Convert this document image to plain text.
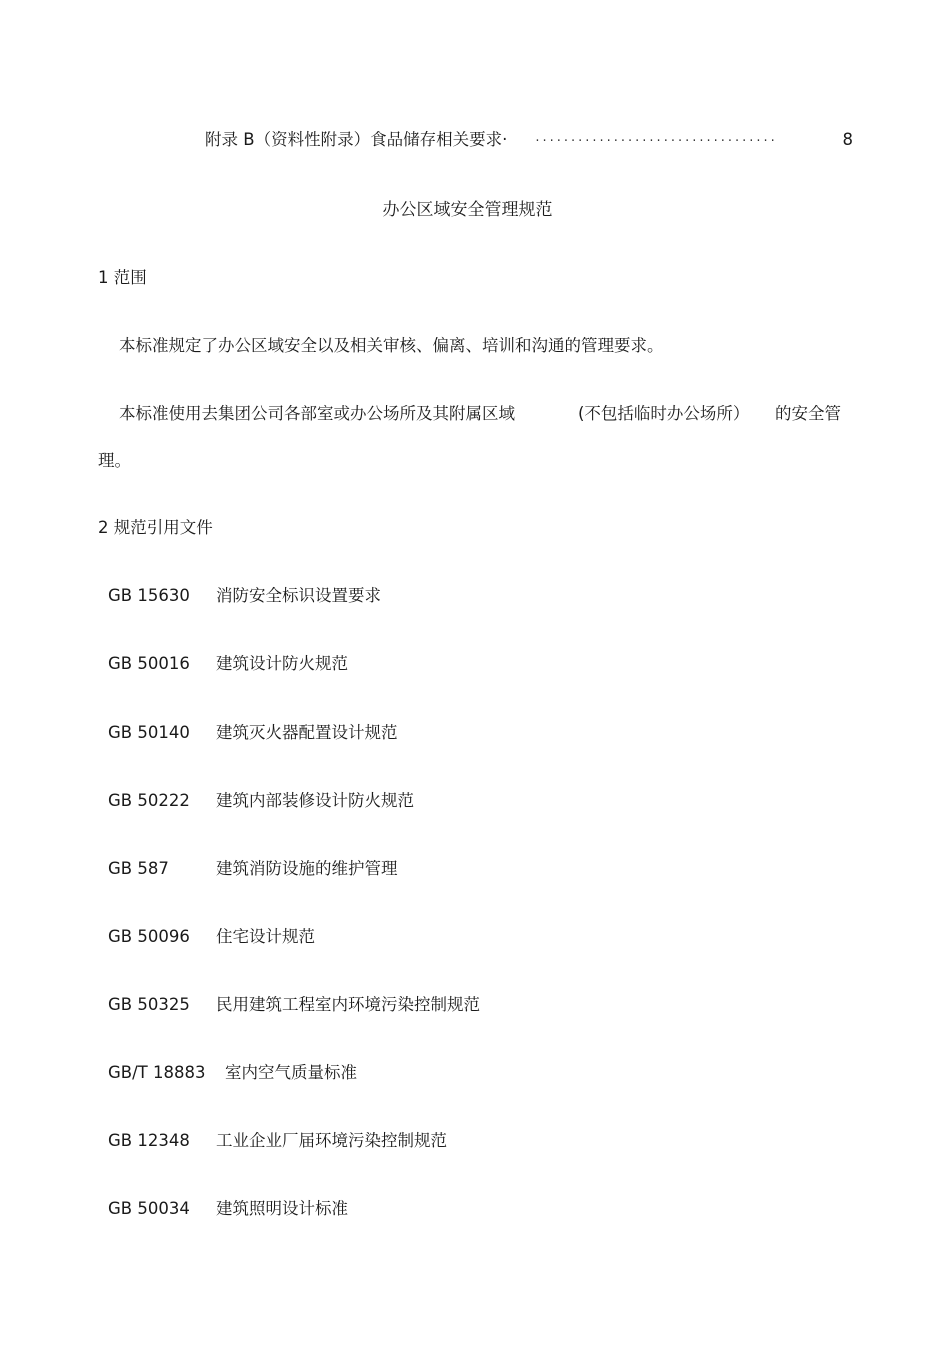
附录 B（资料性附录）食品储存相关要求· ··································	8
办公区域安全管理规范
1 范围
本标准规定了办公区域安全以及相关审核、偏离、培训和沟通的管理要求。
本标准使用去集团公司各部室或办公场所及其附属区域	(不包括临时办公场所） 的安全管
理。
2 规范引用文件
GB 15630 消防安全标识设置要求
GB 50016 建筑设计防火规范
GB 50140 建筑灭火器配置设计规范
GB 50222 建筑内部装修设计防火规范
GB 587	建筑消防设施的维护管理
GB 50096 住宅设计规范
GB 50325 民用建筑工程室内环境污染控制规范
GB/T 18883 室内空气质量标准
GB 12348 工业企业厂届环境污染控制规范
GB 50034 建筑照明设计标准
